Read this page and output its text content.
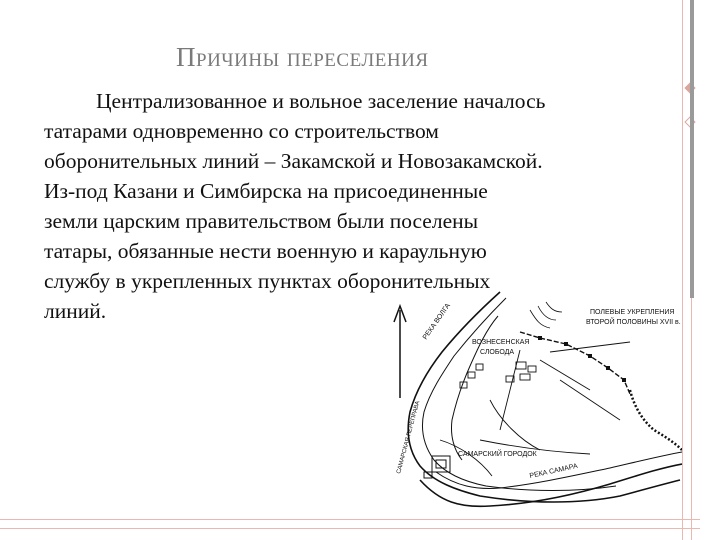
Причины переселения
Централизованное и вольное заселение началось
татарами одновременно со строительством
оборонительных линий – Закамской и Новозакамской.
Из-под Казани и Симбирска на присоединенные
земли царским правительством были поселены
татары, обязанные нести военную и караульную
службу в укрепленных пунктах оборонительных
линий.	РЕКА ВОЛГА	ПОЛЕВЫЕ УКРЕПЛЕНИЯ
ВТОРОЙ ПОЛОВИНЫ XVII в.
ВОЗНЕСЕНСКАЯ
СЛОБОДА
САМАРСКИЙ ГОРОДОК
РЕКА САМАРА
САМАРСКАЯ ПЕРЕПРАВА
